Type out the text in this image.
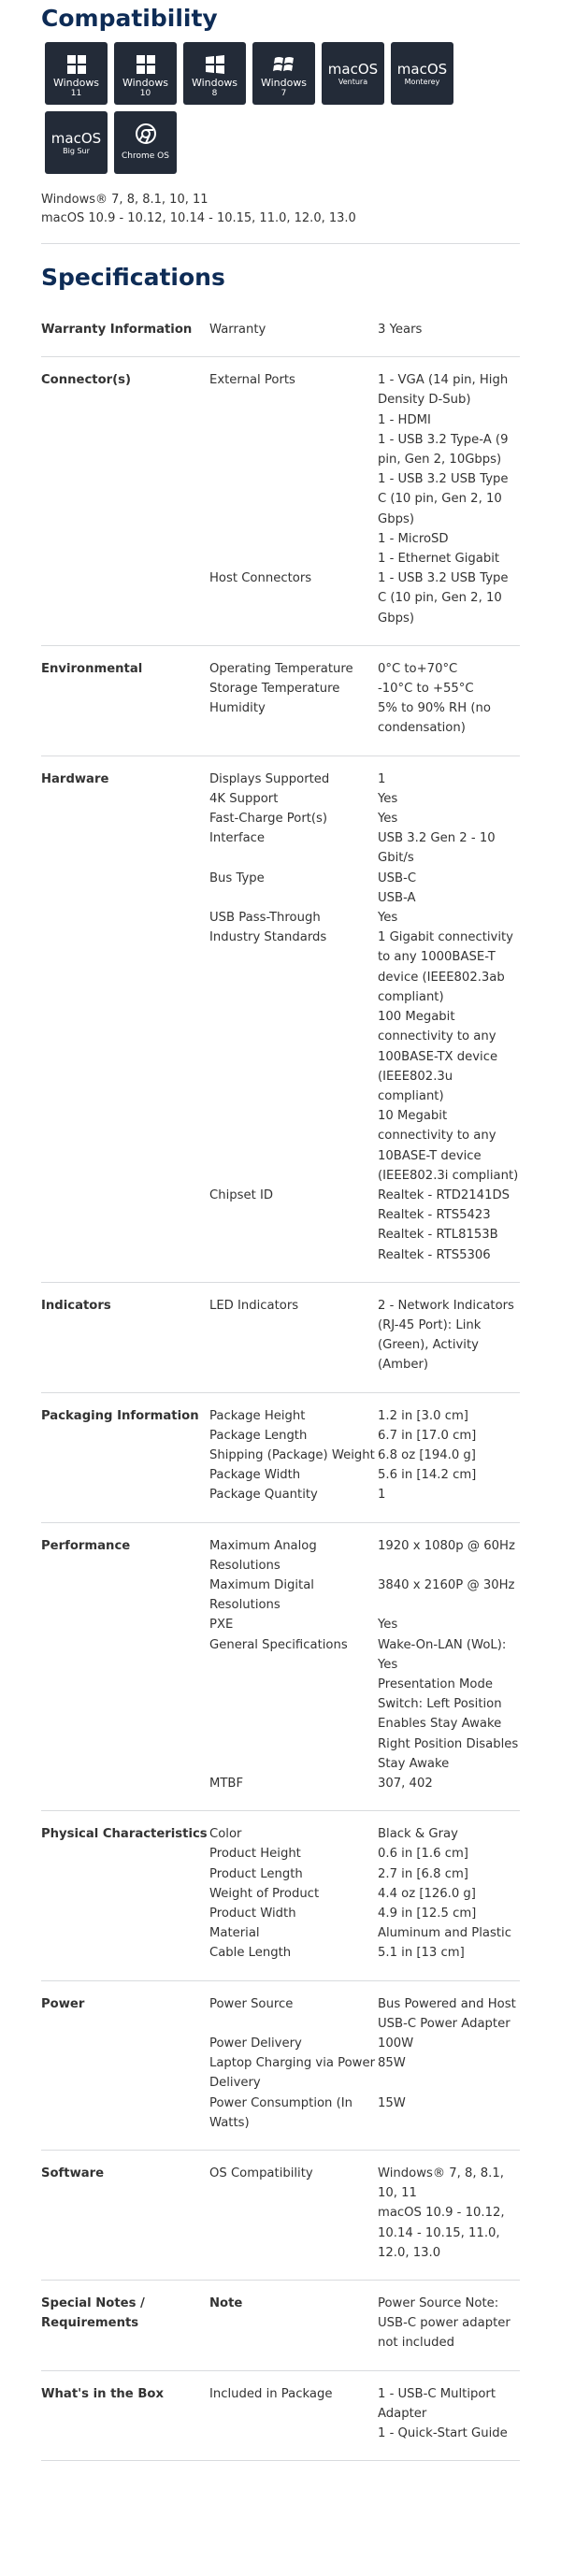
Compatibility
Windows
11
Windows
10
Windows
8
Windows
7
macOS
Ventura
macOS
Monterey
macOS
Big Sur
Chrome OS
Windows® 7, 8, 8.1, 10, 11
macOS 10.9 - 10.12, 10.14 - 10.15, 11.0, 12.0, 13.0
Specifications
Warranty Information	Warranty	3 Years
Connector(s)	External Ports	1 - VGA (14 pin, High Density D-Sub)
		1 - HDMI
		1 - USB 3.2 Type-A (9 pin, Gen 2, 10Gbps)
		1 - USB 3.2 USB Type C (10 pin, Gen 2, 10 Gbps)
		1 - MicroSD
		1 - Ethernet Gigabit
	Host Connectors	1 - USB 3.2 USB Type C (10 pin, Gen 2, 10 Gbps)
Environmental	Operating Temperature	0°C to+70°C
	Storage Temperature	-10°C to +55°C
	Humidity	5% to 90% RH (no condensation)
Hardware	Displays Supported	1
	4K Support	Yes
	Fast-Charge Port(s)	Yes
	Interface	USB 3.2 Gen 2 - 10 Gbit/s
	Bus Type	USB-C
		USB-A
	USB Pass-Through	Yes
	Industry Standards	1 Gigabit connectivity to any 1000BASE-T device (IEEE802.3ab compliant)
		100 Megabit connectivity to any 100BASE-TX device (IEEE802.3u compliant)
		10 Megabit connectivity to any 10BASE-T device (IEEE802.3i compliant)
	Chipset ID	Realtek - RTD2141DS
		Realtek - RTS5423
		Realtek - RTL8153B
		Realtek - RTS5306
Indicators	LED Indicators	2 - Network Indicators (RJ-45 Port): Link (Green), Activity (Amber)
Packaging Information	Package Height	1.2 in [3.0 cm]
	Package Length	6.7 in [17.0 cm]
	Shipping (Package) Weight	6.8 oz [194.0 g]
	Package Width	5.6 in [14.2 cm]
	Package Quantity	1
Performance	Maximum Analog Resolutions	1920 x 1080p @ 60Hz
	Maximum Digital Resolutions	3840 x 2160P @ 30Hz
	PXE	Yes
	General Specifications	Wake-On-LAN (WoL): Yes
		Presentation Mode Switch: Left Position Enables Stay Awake Right Position Disables Stay Awake
	MTBF	307, 402
Physical Characteristics	Color	Black & Gray
	Product Height	0.6 in [1.6 cm]
	Product Length	2.7 in [6.8 cm]
	Weight of Product	4.4 oz [126.0 g]
	Product Width	4.9 in [12.5 cm]
	Material	Aluminum and Plastic
	Cable Length	5.1 in [13 cm]
Power	Power Source	Bus Powered and Host USB-C Power Adapter
	Power Delivery	100W
	Laptop Charging via Power Delivery	85W
	Power Consumption (In Watts)	15W
Software	OS Compatibility	Windows® 7, 8, 8.1, 10, 11
		macOS 10.9 - 10.12, 10.14 - 10.15, 11.0, 12.0, 13.0
Special Notes / Requirements	Note	Power Source Note: USB-C power adapter not included
What's in the Box	Included in Package	1 - USB-C Multiport Adapter
		1 - Quick-Start Guide
